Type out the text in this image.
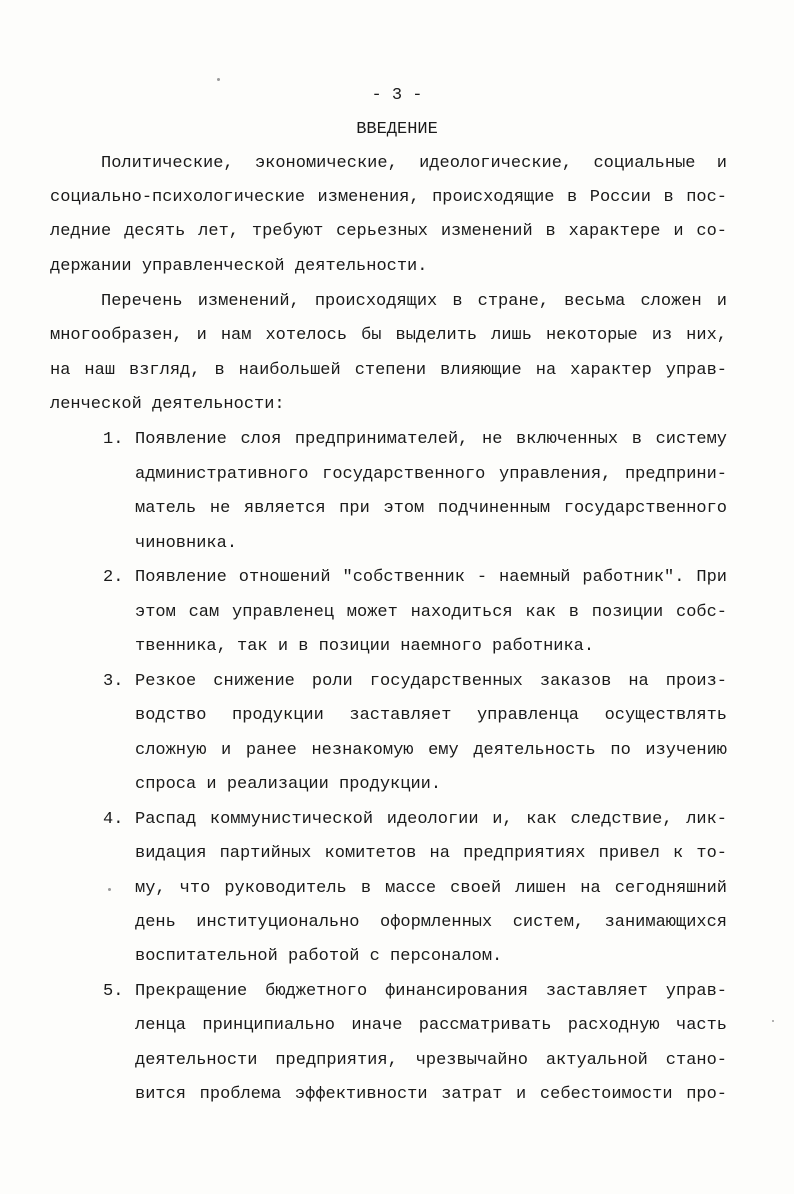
- 3 -
ВВЕДЕНИЕ
Политические, экономические, идеологические, социальные и
социально-психологические изменения, происходящие в России в пос-
ледние десять лет, требуют серьезных изменений в характере и со-
держании управленческой деятельности.
Перечень изменений, происходящих в стране, весьма сложен и
многообразен, и нам хотелось бы выделить лишь некоторые из них,
на наш взгляд, в наибольшей степени влияющие на характер управ-
ленческой деятельности:
1. Появление слоя предпринимателей, не включенных в систему
административного государственного управления, предприни-
матель не является при этом подчиненным государственного
чиновника.
2. Появление отношений "собственник - наемный работник". При
этом сам управленец может находиться как в позиции собс-
твенника, так и в позиции наемного работника.
3. Резкое снижение роли государственных заказов на произ-
водство продукции заставляет управленца осуществлять
сложную и ранее незнакомую ему деятельность по изучению
спроса и реализации продукции.
4. Распад коммунистической идеологии и, как следствие, лик-
видация партийных комитетов на предприятиях привел к то-
му, что руководитель в массе своей лишен на сегодняшний
день институционально оформленных систем, занимающихся
воспитательной работой с персоналом.
5. Прекращение бюджетного финансирования заставляет управ-
ленца принципиально иначе рассматривать расходную часть
деятельности предприятия, чрезвычайно актуальной стано-
вится проблема эффективности затрат и себестоимости про-
